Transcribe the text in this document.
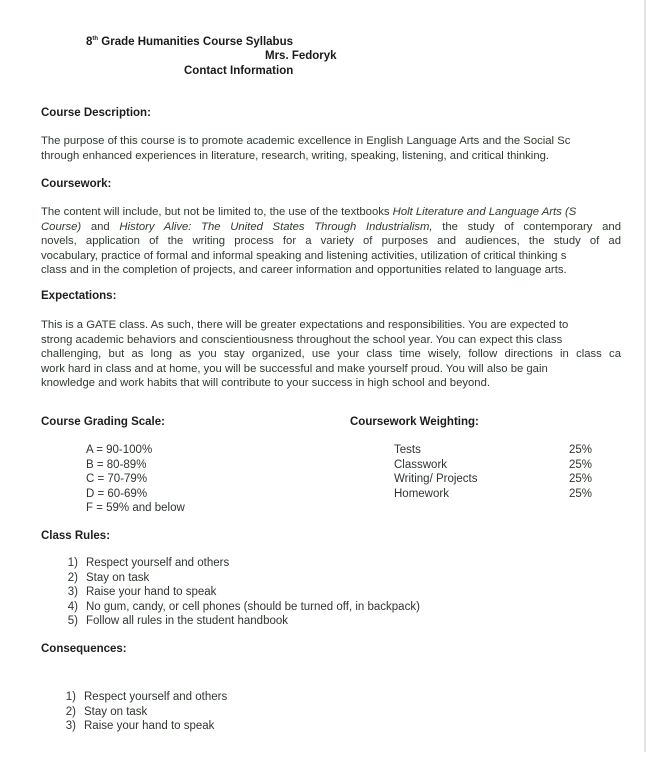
8th Grade Humanities Course Syllabus
Mrs. Fedoryk
Contact Information
Course Description:
The purpose of this course is to promote academic excellence in English Language Arts and the Social Sc
through enhanced experiences in literature, research, writing, speaking, listening, and critical thinking.
Coursework:
The content will include, but not be limited to, the use of the textbooks Holt Literature and Language Arts (S
Course) and History Alive: The United States Through Industrialism, the study of contemporary and
novels, application of the writing process for a variety of purposes and audiences, the study of ad
vocabulary, practice of formal and informal speaking and listening activities, utilization of critical thinking s
class and in the completion of projects, and career information and opportunities related to language arts.
Expectations:
This is a GATE class. As such, there will be greater expectations and responsibilities. You are expected to
strong academic behaviors and conscientiousness throughout the school year. You can expect this class
challenging, but as long as you stay organized, use your class time wisely, follow directions in class ca
work hard in class and at home, you will be successful and make yourself proud. You will also be gain
knowledge and work habits that will contribute to your success in high school and beyond.
Course Grading Scale:
A = 90-100%
B = 80-89%
C = 70-79%
D = 60-69%
F = 59% and below
Coursework Weighting:
Tests	25%
Classwork	25%
Writing/ Projects	25%
Homework	25%
Class Rules:
1) Respect yourself and others
2) Stay on task
3) Raise your hand to speak
4) No gum, candy, or cell phones (should be turned off, in backpack)
5) Follow all rules in the student handbook
Consequences:
1) Respect yourself and others
2) Stay on task
3) Raise your hand to speak
